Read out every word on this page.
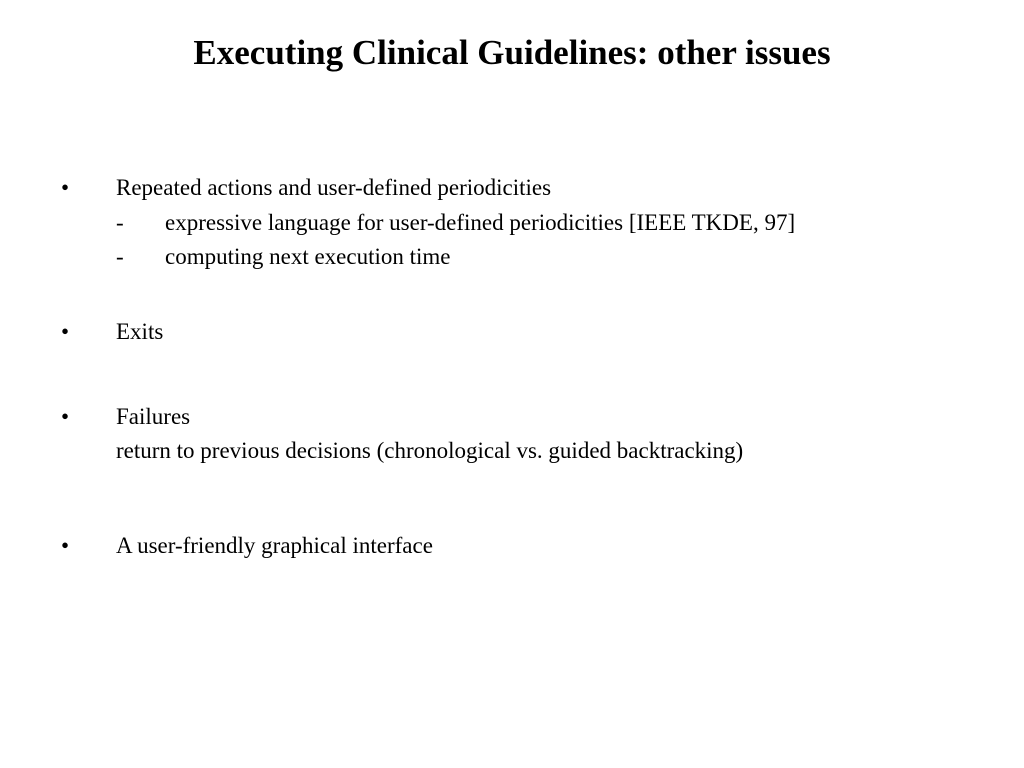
Executing Clinical Guidelines: other issues
• Repeated actions and user-defined periodicities
- expressive language for user-defined periodicities [IEEE TKDE, 97]
- computing next execution time
• Exits
• Failures
return to previous decisions (chronological vs. guided backtracking)
• A user-friendly graphical interface
